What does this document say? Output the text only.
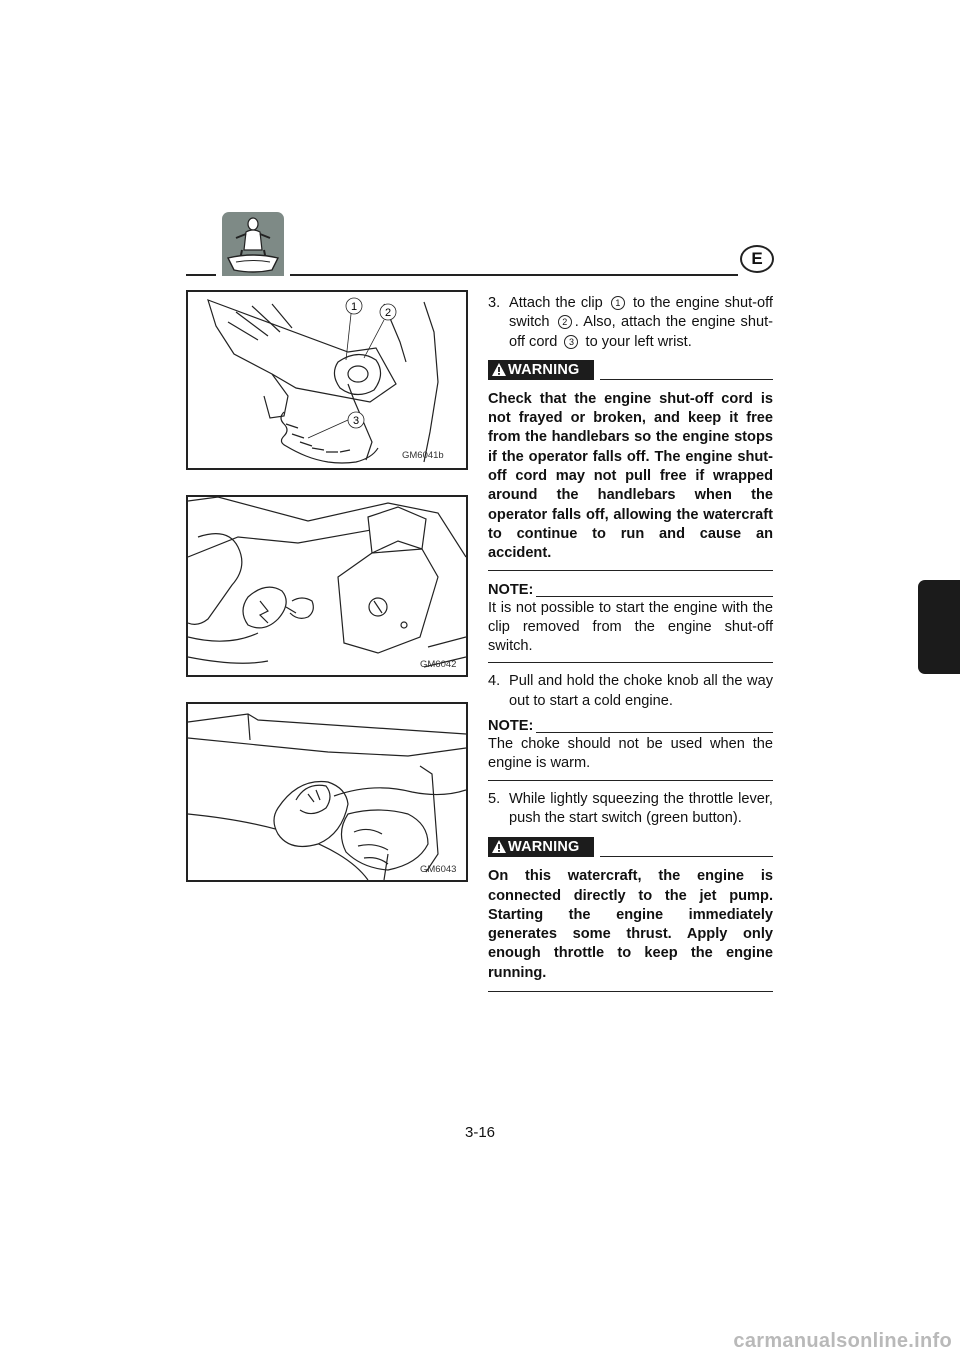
E
1	2
3
GM6041b
GM6042
GM6043
3. Attach the clip 1 to the engine shut-off switch 2 . Also, attach the engine shut-off cord 3 to your left wrist.
WARNING
Check that the engine shut-off cord is not frayed or broken, and keep it free from the handlebars so the engine stops if the operator falls off. The engine shut-off cord may not pull free if wrapped around the handlebars when the operator falls off, allowing the watercraft to continue to run and cause an accident.
NOTE:
It is not possible to start the engine with the clip removed from the engine shut-off switch.
4. Pull and hold the choke knob all the way out to start a cold engine.
NOTE:
The choke should not be used when the engine is warm.
5. While lightly squeezing the throttle lever, push the start switch (green button).
WARNING
On this watercraft, the engine is connected directly to the jet pump. Starting the engine immediately generates some thrust. Apply only enough throttle to keep the engine running.
3-16
carmanualsonline.info
